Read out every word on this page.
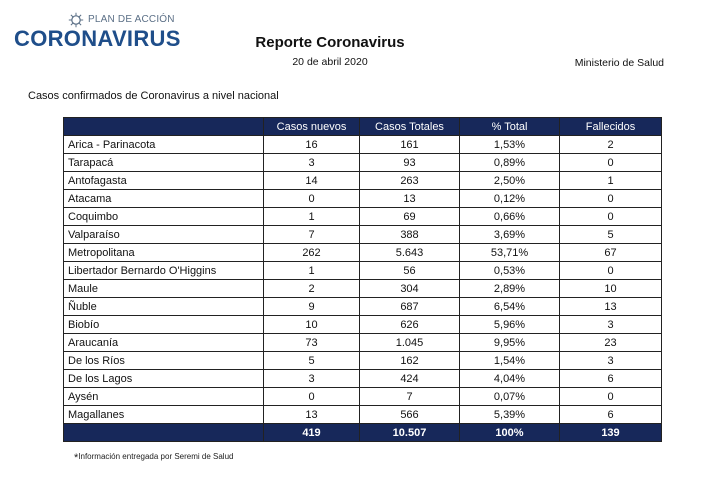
PLAN DE ACCIÓN
CORONAVIRUS	Reporte Coronavirus
20 de abril 2020	Ministerio de Salud
Casos confirmados de Coronavirus a nivel nacional
	Casos nuevos	Casos Totales	% Total	Fallecidos
Arica - Parinacota	16	161	1,53%	2
Tarapacá	3	93	0,89%	0
Antofagasta	14	263	2,50%	1
Atacama	0	13	0,12%	0
Coquimbo	1	69	0,66%	0
Valparaíso	7	388	3,69%	5
Metropolitana	262	5.643	53,71%	67
Libertador Bernardo O'Higgins	1	56	0,53%	0
Maule	2	304	2,89%	10
Ñuble	9	687	6,54%	13
Biobío	10	626	5,96%	3
Araucanía	73	1.045	9,95%	23
De los Ríos	5	162	1,54%	3
De los Lagos	3	424	4,04%	6
Aysén	0	7	0,07%	0
Magallanes	13	566	5,39%	6
	419	10.507	100%	139
*Información entregada por Seremi de Salud
